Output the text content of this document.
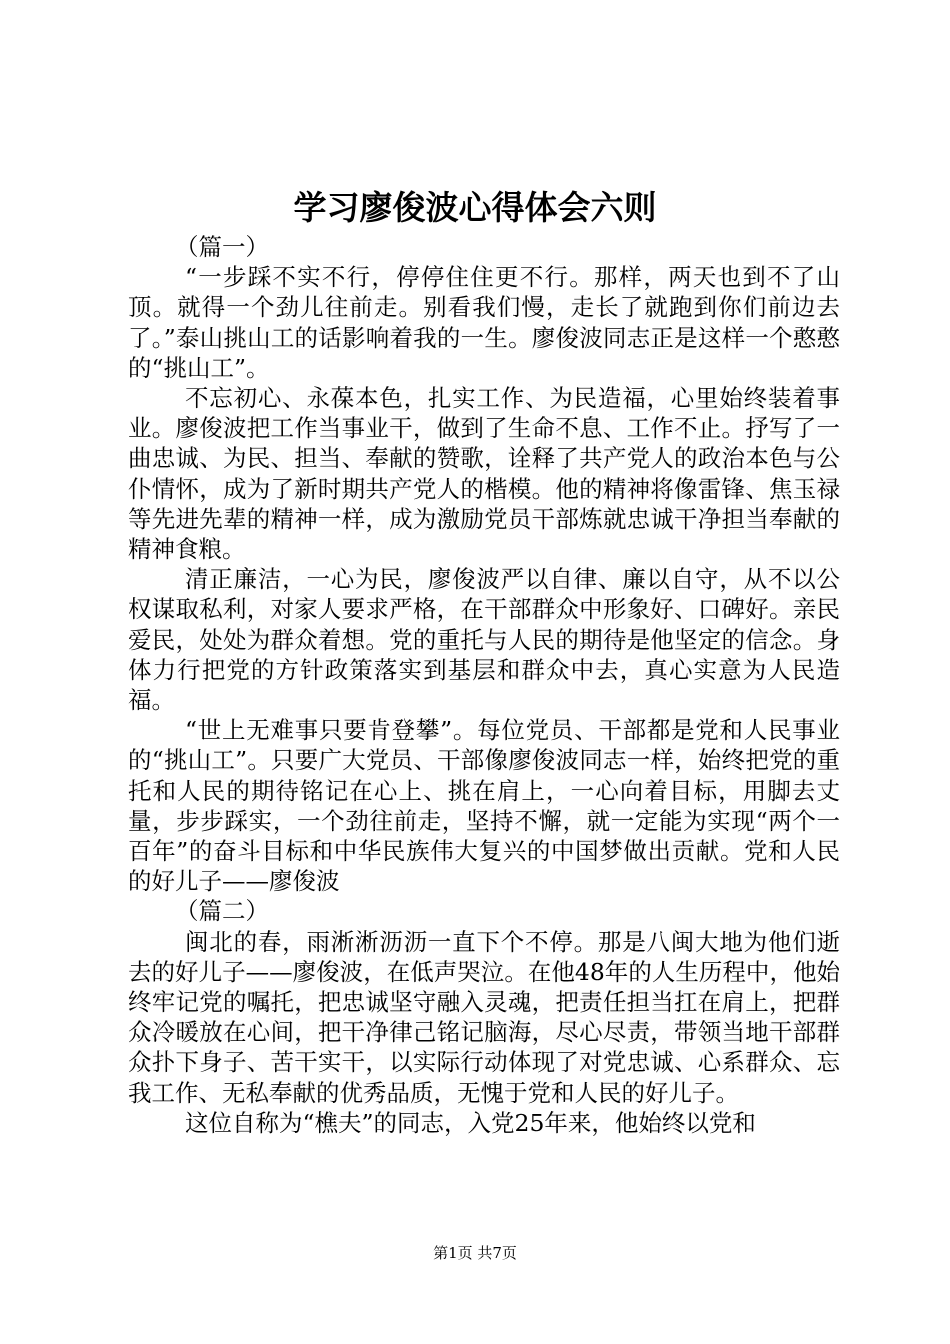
学习廖俊波心得体会六则

（篇一）

“一步踩不实不行，停停住住更不行。那样，两天也到不了山顶。就得一个劲儿往前走。别看我们慢，走长了就跑到你们前边去了。”泰山挑山工的话影响着我的一生。廖俊波同志正是这样一个憨憨的“挑山工”。

不忘初心、永葆本色，扎实工作、为民造福，心里始终装着事业。廖俊波把工作当事业干，做到了生命不息、工作不止。抒写了一曲忠诚、为民、担当、奉献的赞歌，诠释了共产党人的政治本色与公仆情怀，成为了新时期共产党人的楷模。他的精神将像雷锋、焦玉禄等先进先辈的精神一样，成为激励党员干部炼就忠诚干净担当奉献的精神食粮。

清正廉洁，一心为民，廖俊波严以自律、廉以自守，从不以公权谋取私利，对家人要求严格，在干部群众中形象好、口碑好。亲民爱民，处处为群众着想。党的重托与人民的期待是他坚定的信念。身体力行把党的方针政策落实到基层和群众中去，真心实意为人民造福。

“世上无难事只要肯登攀”。每位党员、干部都是党和人民事业的“挑山工”。只要广大党员、干部像廖俊波同志一样，始终把党的重托和人民的期待铭记在心上、挑在肩上，一心向着目标，用脚去丈量，步步踩实，一个劲往前走，坚持不懈，就一定能为实现“两个一百年”的奋斗目标和中华民族伟大复兴的中国梦做出贡献。党和人民的好儿子——廖俊波

（篇二）

闽北的春，雨淅淅沥沥一直下个不停。那是八闽大地为他们逝去的好儿子——廖俊波，在低声哭泣。在他48年的人生历程中，他始终牢记党的嘱托，把忠诚坚守融入灵魂，把责任担当扛在肩上，把群众冷暖放在心间，把干净律己铭记脑海，尽心尽责，带领当地干部群众扑下身子、苦干实干，以实际行动体现了对党忠诚、心系群众、忘我工作、无私奉献的优秀品质，无愧于党和人民的好儿子。

这位自称为“樵夫”的同志，入党25年来，他始终以党和

第1页 共7页
